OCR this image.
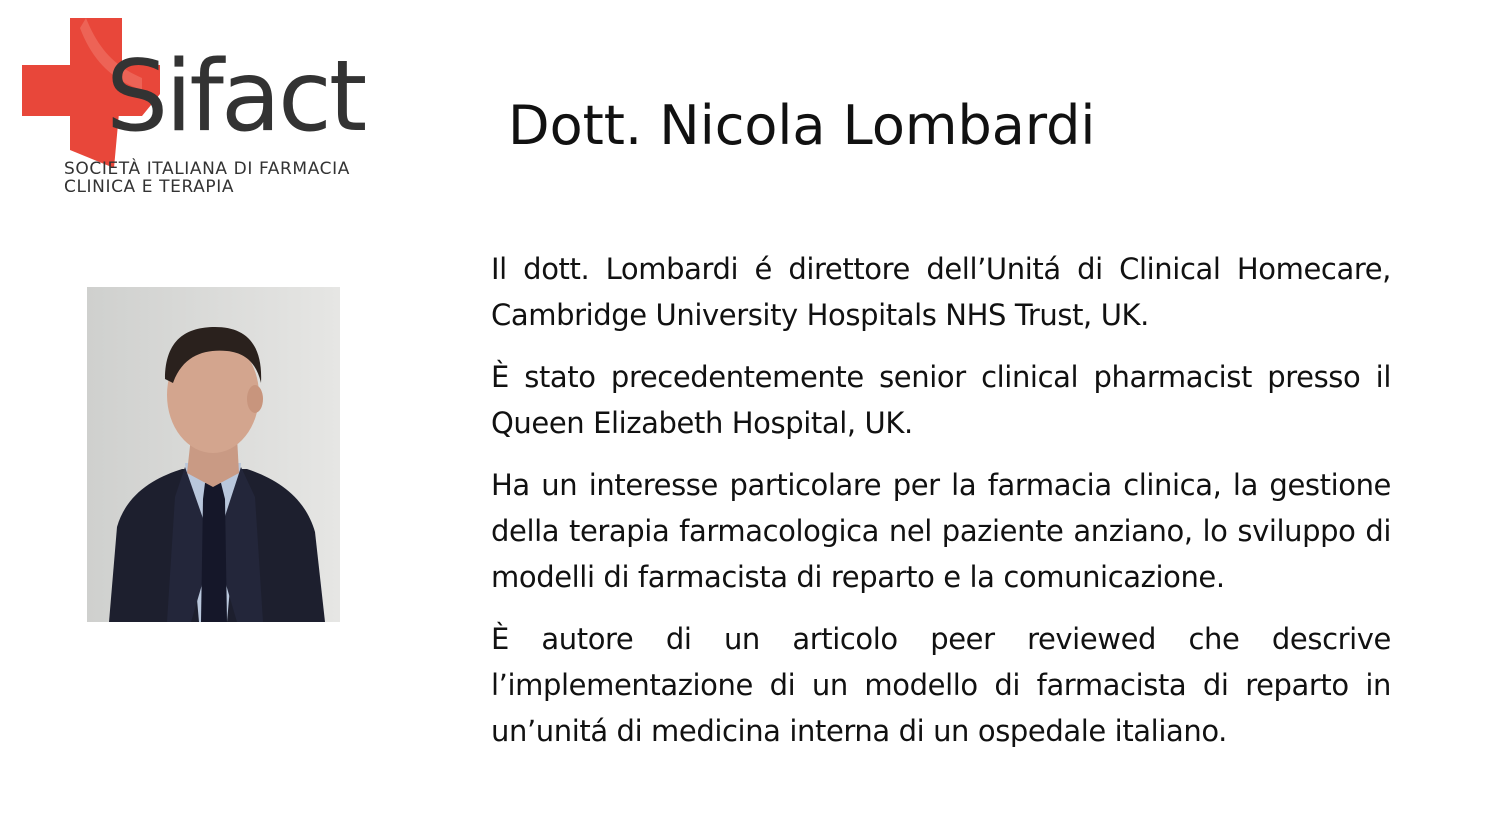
Sifact
SOCIETÀ ITALIANA DI FARMACIA
CLINICA E TERAPIA
Dott. Nicola Lombardi

Il dott. Lombardi é direttore dell’Unitá di Clinical Homecare, Cambridge University Hospitals NHS Trust, UK.

È stato precedentemente senior clinical pharmacist presso il Queen Elizabeth Hospital, UK.

Ha un interesse particolare per la farmacia clinica, la gestione della terapia farmacologica nel paziente anziano, lo sviluppo di modelli di farmacista di reparto e la comunicazione.

È autore di un articolo peer reviewed che descrive l’implementazione di un modello di farmacista di reparto in un’unitá di medicina interna di un ospedale italiano.
